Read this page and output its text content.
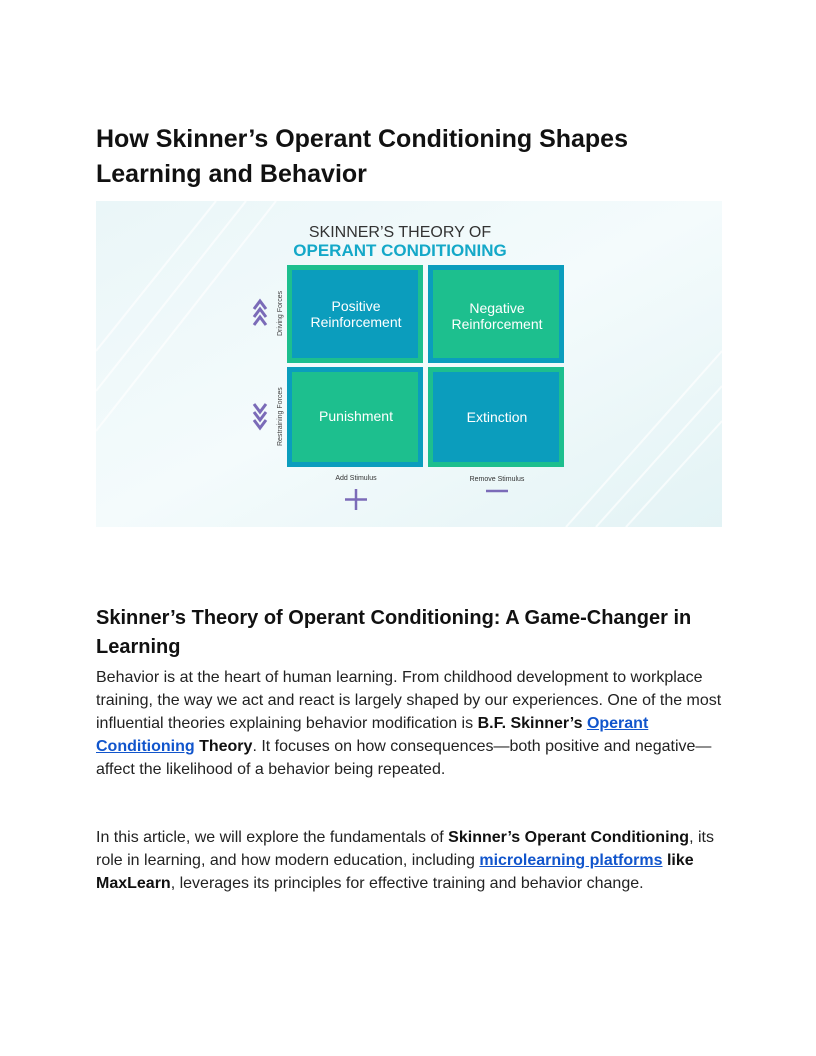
How Skinner’s Operant Conditioning Shapes Learning and Behavior
SKINNER’S THEORY OF
OPERANT CONDITIONING
Positive
Reinforcement
Negative
Reinforcement
Punishment	Extinction
Driving Forces
Restraining Forces
Add Stimulus	Remove Stimulus
Skinner’s Theory of Operant Conditioning: A Game-Changer in Learning

Behavior is at the heart of human learning. From childhood development to workplace training, the way we act and react is largely shaped by our experiences. One of the most influential theories explaining behavior modification is B.F. Skinner’s Operant Conditioning Theory. It focuses on how consequences—both positive and negative—affect the likelihood of a behavior being repeated.

In this article, we will explore the fundamentals of Skinner’s Operant Conditioning, its role in learning, and how modern education, including microlearning platforms like MaxLearn, leverages its principles for effective training and behavior change.
